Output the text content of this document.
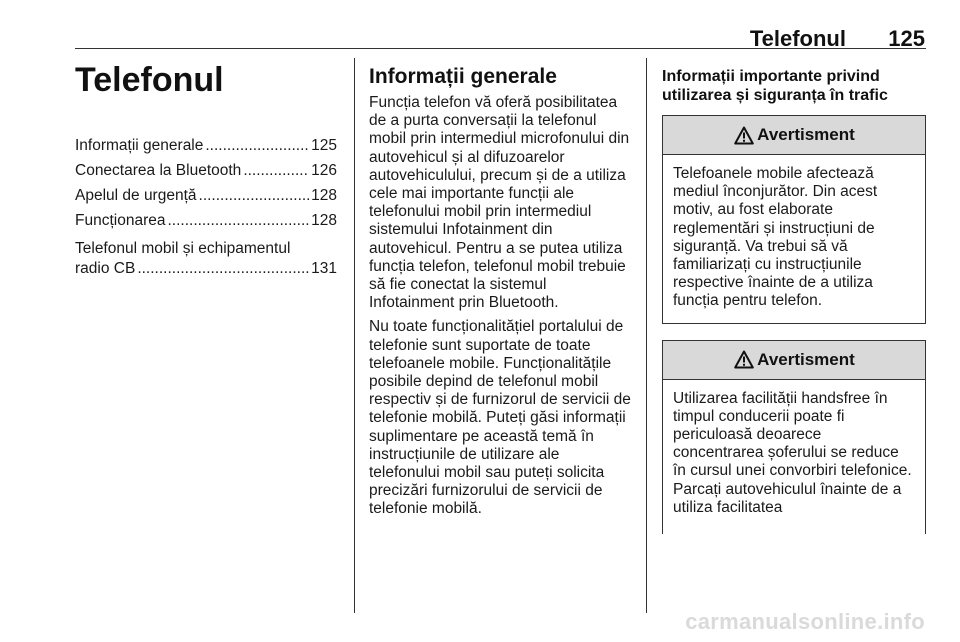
Telefonul 125
Telefonul
Informații generale .....	125
Conectarea la Bluetooth .....	126
Apelul de urgență .....	128
Funcționarea .....	128
Telefonul mobil și echipamentul
radio CB .....	131
Informații generale

Funcția telefon vă oferă posibilitatea de a purta conversații la telefonul mobil prin intermediul microfonului din autovehicul și al difuzoarelor autovehiculului, precum și de a utiliza cele mai importante funcții ale telefonului mobil prin intermediul sistemului Infotainment din autovehicul. Pentru a se putea utiliza funcția telefon, telefonul mobil trebuie să fie conectat la sistemul Infotainment prin Bluetooth.

Nu toate funcționalitățiel portalului de telefonie sunt suportate de toate telefoanele mobile. Funcționalitățile posibile depind de telefonul mobil respectiv și de furnizorul de servicii de telefonie mobilă. Puteți găsi informații suplimentare pe această temă în instrucțiunile de utilizare ale telefonului mobil sau puteți solicita precizări furnizorului de servicii de telefonie mobilă.

Informații importante privind utilizarea și siguranța în trafic
Avertisment
Telefoanele mobile afectează mediul înconjurător. Din acest motiv, au fost elaborate reglementări și instrucțiuni de siguranță. Va trebui să vă familiarizați cu instrucțiunile respective înainte de a utiliza funcția pentru telefon.
Avertisment
Utilizarea facilității handsfree în timpul conducerii poate fi periculoasă deoarece concentrarea șoferului se reduce în cursul unei convorbiri telefonice. Parcați autovehiculul înainte de a utiliza facilitatea
carmanualsonline.info
